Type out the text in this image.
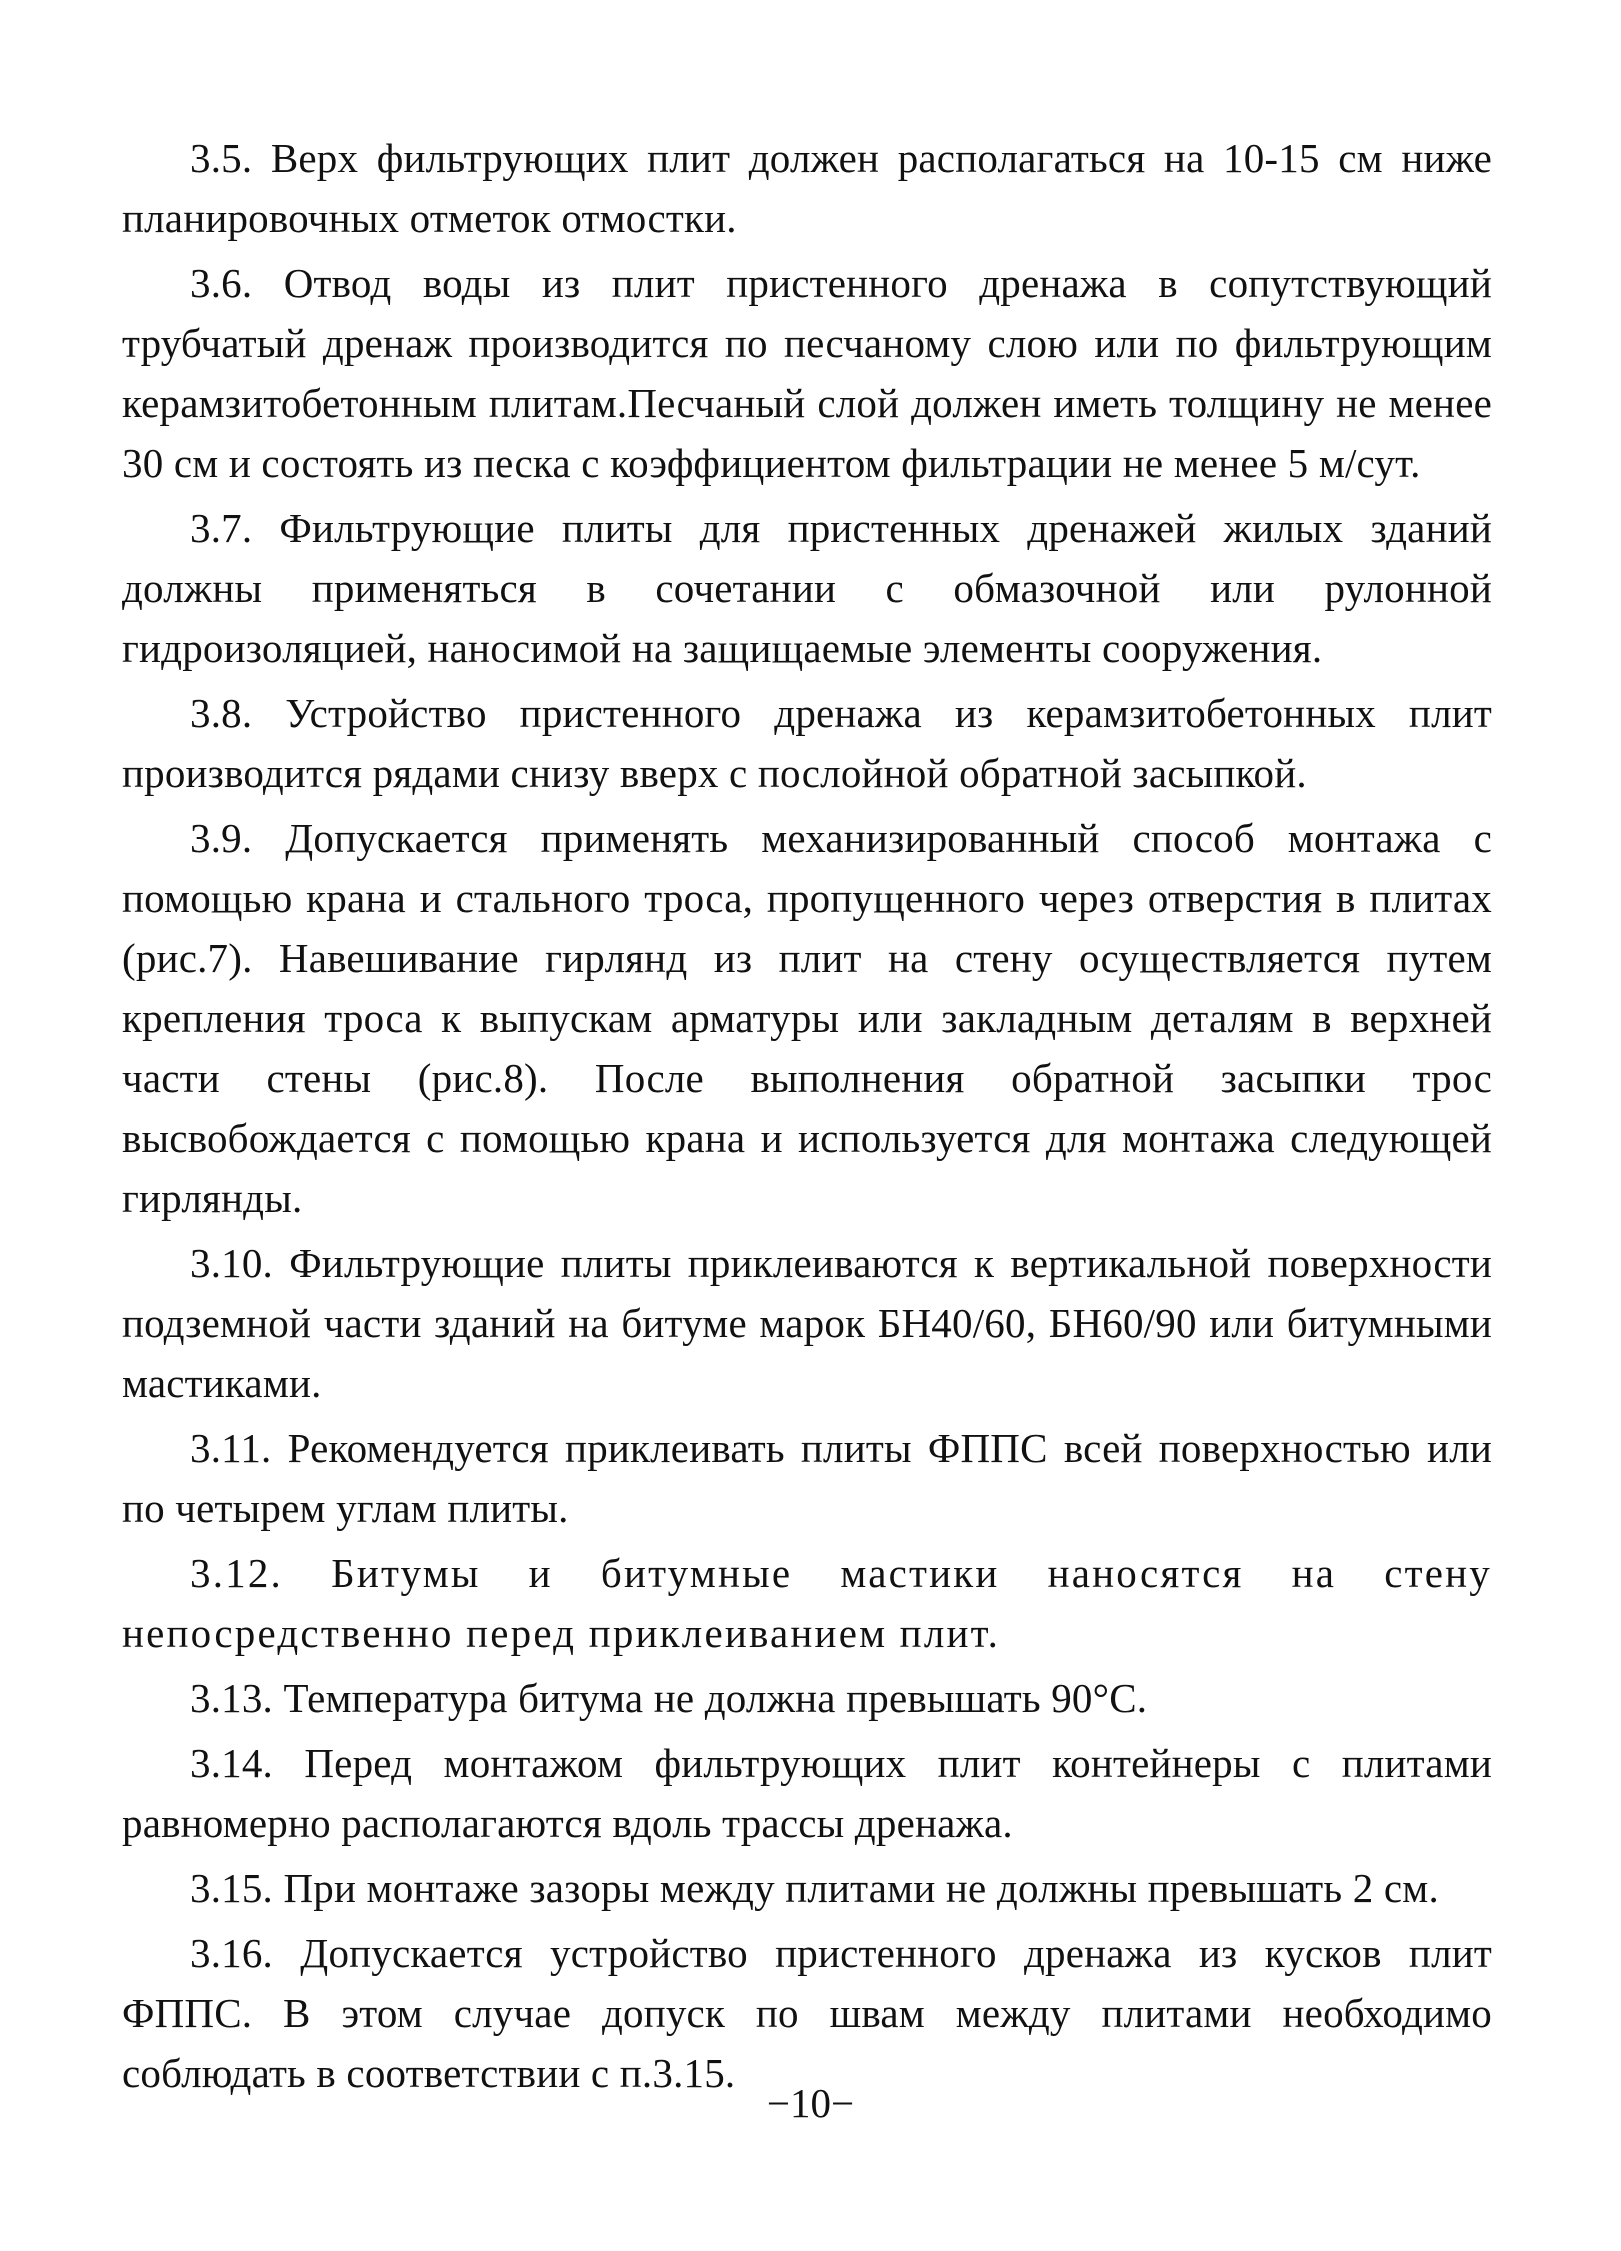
3.5. Верх фильтрующих плит должен располагаться на 10-15 см ниже планировочных отметок отмостки.

3.6. Отвод воды из плит пристенного дренажа в сопутствующий трубчатый дренаж производится по песчаному слою или по фильтрующим керамзитобетонным плитам.Песчаный слой должен иметь толщину не менее 30 см и состоять из песка с коэффициентом фильтрации не менее 5 м/сут.

3.7. Фильтрующие плиты для пристенных дренажей жилых зданий должны применяться в сочетании с обмазочной или рулонной гидроизоляцией, наносимой на защищаемые элементы сооружения.

3.8. Устройство пристенного дренажа из керамзитобетонных плит производится рядами снизу вверх с послойной обратной засыпкой.

3.9. Допускается применять механизированный способ монтажа с помощью крана и стального троса, пропущенного через отверстия в плитах (рис.7). Навешивание гирлянд из плит на стену осуществляется путем крепления троса к выпускам арматуры или закладным деталям в верхней части стены (рис.8). После выполнения обратной засыпки трос высвобождается с помощью крана и используется для монтажа следующей гирлянды.

3.10. Фильтрующие плиты приклеиваются к вертикальной поверхности подземной части зданий на битуме марок БН40/60, БН60/90 или битумными мастиками.

3.11. Рекомендуется приклеивать плиты ФППС всей поверхностью или по четырем углам плиты.

3.12. Битумы и битумные мастики наносятся на стену непосредственно перед приклеиванием плит.

3.13. Температура битума не должна превышать 90°С.

3.14. Перед монтажом фильтрующих плит контейнеры с плитами равномерно располагаются вдоль трассы дренажа.

3.15. При монтаже зазоры между плитами не должны превышать 2 см.

3.16. Допускается устройство пристенного дренажа из кусков плит ФППС. В этом случае допуск по швам между плитами необходимо соблюдать в соответствии с п.3.15.

−10−
